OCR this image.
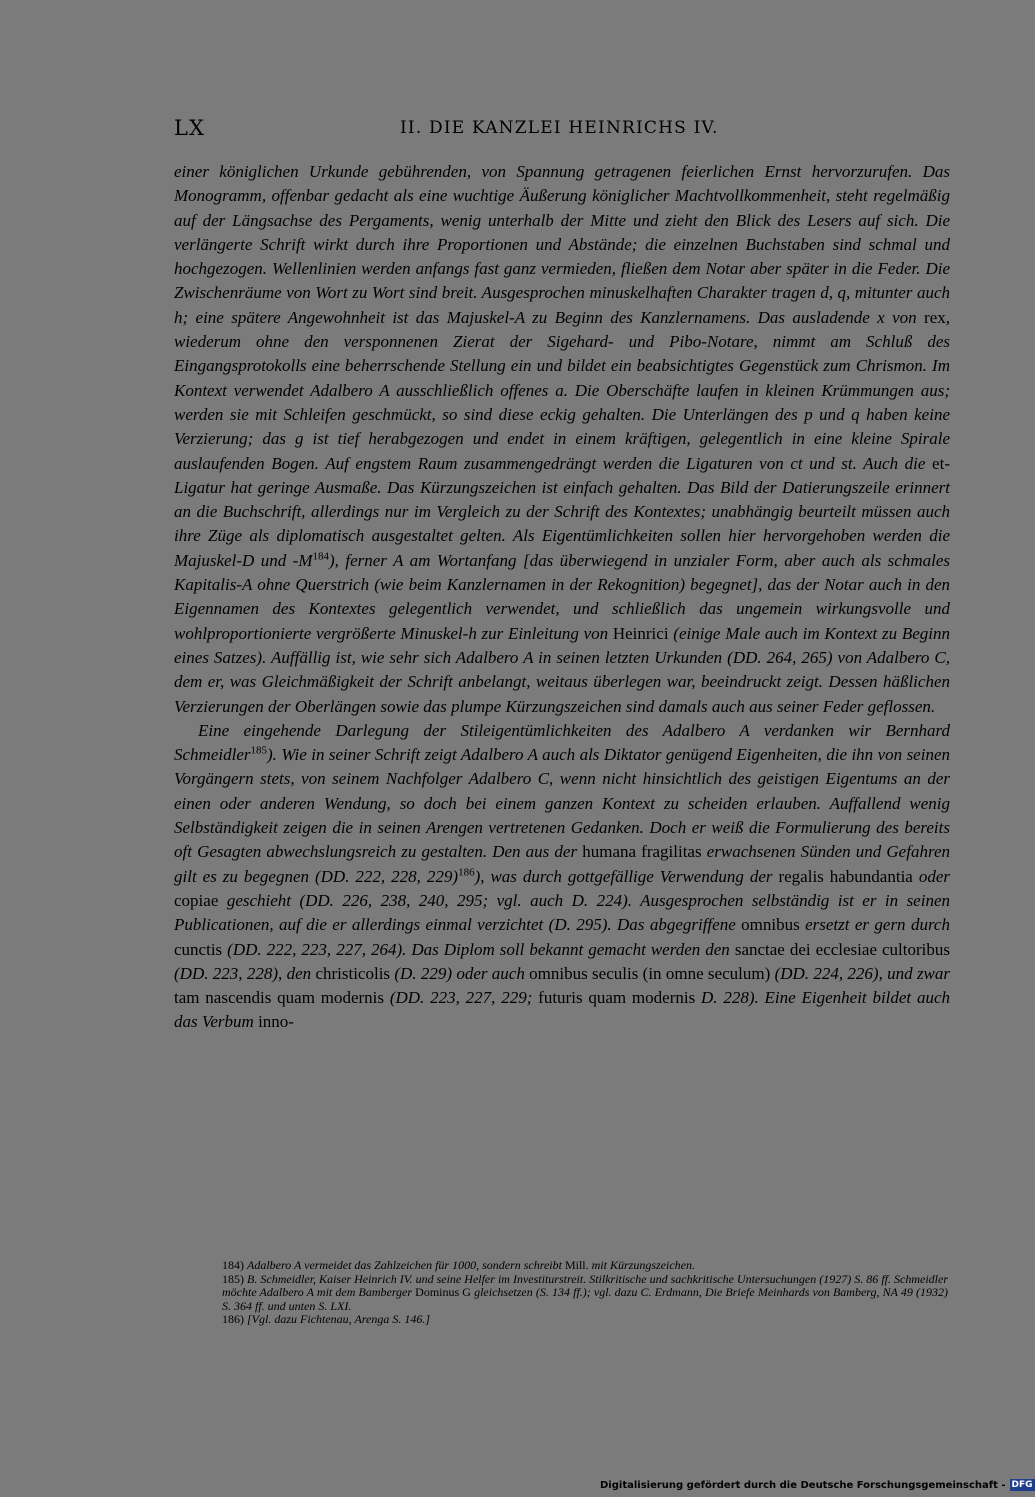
LX	II. DIE KANZLEI HEINRICHS IV.

einer königlichen Urkunde gebührenden, von Spannung getragenen feierlichen Ernst hervorzurufen. Das Monogramm, offenbar gedacht als eine wuchtige Äußerung königlicher Machtvollkommenheit, steht regelmäßig auf der Längsachse des Pergaments, wenig unterhalb der Mitte und zieht den Blick des Lesers auf sich. Die verlängerte Schrift wirkt durch ihre Proportionen und Abstände; die einzelnen Buchstaben sind schmal und hochgezogen. Wellenlinien werden anfangs fast ganz vermieden, fließen dem Notar aber später in die Feder. Die Zwischenräume von Wort zu Wort sind breit. Ausgesprochen minuskelhaften Charakter tragen d, q, mitunter auch h; eine spätere Angewohnheit ist das Majuskel-A zu Beginn des Kanzlernamens. Das ausladende x von rex, wiederum ohne den versponnenen Zierat der Sigehard- und Pibo-Notare, nimmt am Schluß des Eingangsprotokolls eine beherrschende Stellung ein und bildet ein beabsichtigtes Gegenstück zum Chrismon. Im Kontext verwendet Adalbero A ausschließlich offenes a. Die Oberschäfte laufen in kleinen Krümmungen aus; werden sie mit Schleifen geschmückt, so sind diese eckig gehalten. Die Unterlängen des p und q haben keine Verzierung; das g ist tief herabgezogen und endet in einem kräftigen, gelegentlich in eine kleine Spirale auslaufenden Bogen. Auf engstem Raum zusammengedrängt werden die Ligaturen von ct und st. Auch die et-Ligatur hat geringe Ausmaße. Das Kürzungszeichen ist einfach gehalten. Das Bild der Datierungszeile erinnert an die Buchschrift, allerdings nur im Vergleich zu der Schrift des Kontextes; unabhängig beurteilt müssen auch ihre Züge als diplomatisch ausgestaltet gelten. Als Eigentümlichkeiten sollen hier hervorgehoben werden die Majuskel-D und $-M^{184}$), ferner A am Wortanfang [das überwiegend in unzialer Form, aber auch als schmales Kapitalis-A ohne Querstrich (wie beim Kanzlernamen in der Rekognition) begegnet], das der Notar auch in den Eigennamen des Kontextes gelegentlich verwendet, und schließlich das ungemein wirkungsvolle und wohlproportionierte vergrößerte Minuskel-h zur Einleitung von Heinrici (einige Male auch im Kontext zu Beginn eines Satzes). Auffällig ist, wie sehr sich Adalbero A in seinen letzten Urkunden (DD. 264, 265) von Adalbero C, dem er, was Gleichmäßigkeit der Schrift anbelangt, weitaus überlegen war, beeindruckt zeigt. Dessen häßlichen Verzierungen der Oberlängen sowie das plumpe Kürzungszeichen sind damals auch aus seiner Feder geflossen.

Eine eingehende Darlegung der Stileigentümlichkeiten des Adalbero A verdanken wir Bernhard Schmeidler$^{185}$). Wie in seiner Schrift zeigt Adalbero A auch als Diktator genügend Eigenheiten, die ihn von seinen Vorgängern stets, von seinem Nachfolger Adalbero C, wenn nicht hinsichtlich des geistigen Eigentums an der einen oder anderen Wendung, so doch bei einem ganzen Kontext zu scheiden erlauben. Auffallend wenig Selbständigkeit zeigen die in seinen Arengen vertretenen Gedanken. Doch er weiß die Formulierung des bereits oft Gesagten abwechslungsreich zu gestalten. Den aus der humana fragilitas erwachsenen Sünden und Gefahren gilt es zu begegnen (DD. 222, 228, 229)$^{186}$), was durch gottgefällige Verwendung der regalis habundantia oder copiae geschieht (DD. 226, 238, 240, 295; vgl. auch D. 224). Ausgesprochen selbständig ist er in seinen Publicationen, auf die er allerdings einmal verzichtet (D. 295). Das abgegriffene omnibus ersetzt er gern durch cunctis (DD. 222, 223, 227, 264). Das Diplom soll bekannt gemacht werden den sanctae dei ecclesiae cultoribus (DD. 223, 228), den christicolis (D. 229) oder auch omnibus seculis (in omne seculum) (DD. 224, 226), und zwar tam nascendis quam modernis (DD. 223, 227, 229; futuris quam modernis D. 228). Eine Eigenheit bildet auch das Verbum inno-

184) Adalbero A vermeidet das Zahlzeichen für 1000, sondern schreibt Mill. mit Kürzungszeichen.
185) B. Schmeidler, Kaiser Heinrich IV. und seine Helfer im Investiturstreit. Stilkritische und sachkritische Untersuchungen (1927) S. 86 ff. Schmeidler möchte Adalbero A mit dem Bamberger Dominus G gleichsetzen (S. 134 ff.); vgl. dazu C. Erdmann, Die Briefe Meinhards von Bamberg, NA 49 (1932) S. 364 ff. und unten S. LXI.
186) [Vgl. dazu Fichtenau, Arenga S. 146.]
Digitalisierung gefördert durch die Deutsche Forschungsgemeinschaft - DFG
